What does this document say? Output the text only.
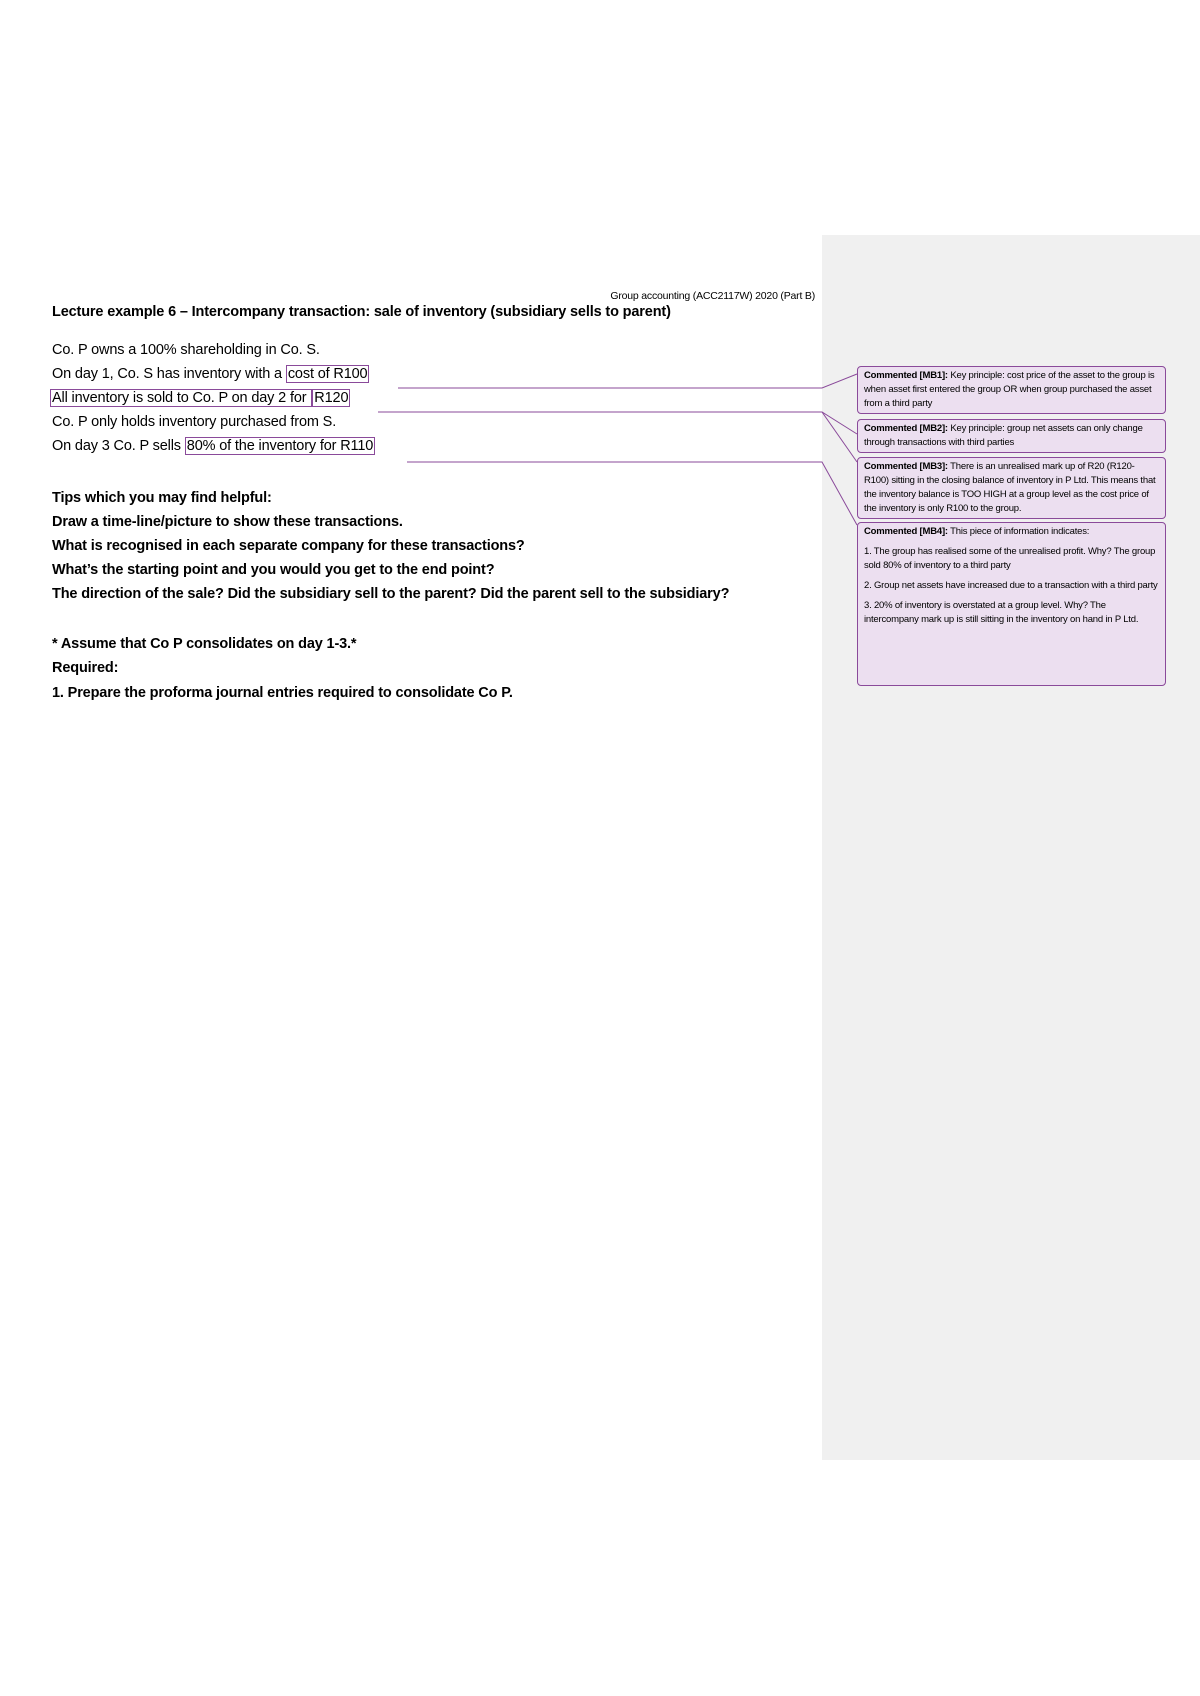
Group accounting (ACC2117W) 2020 (Part B)
Lecture example 6 – Intercompany transaction: sale of inventory (subsidiary sells to parent)
Co. P owns a 100% shareholding in Co. S.
On day 1, Co. S has inventory with a cost of R100
All inventory is sold to Co. P on day 2 for R120
Co. P only holds inventory purchased from S.
On day 3 Co. P sells 80% of the inventory for R110
Tips which you may find helpful:
Draw a time-line/picture to show these transactions.
What is recognised in each separate company for these transactions?
What’s the starting point and you would you get to the end point?
The direction of the sale? Did the subsidiary sell to the parent? Did the parent sell to the subsidiary?
* Assume that Co P consolidates on day 1-3.*
Required:
1. Prepare the proforma journal entries required to consolidate Co P.
Commented [MB1]: Key principle: cost price of the asset to the group is when asset first entered the group OR when group purchased the asset from a third party
Commented [MB2]: Key principle: group net assets can only change through transactions with third parties
Commented [MB3]: There is an unrealised mark up of R20 (R120-R100) sitting in the closing balance of inventory in P Ltd. This means that the inventory balance is TOO HIGH at a group level as the cost price of the inventory is only R100 to the group.

Commented [MB4]: This piece of information indicates:

1. The group has realised some of the unrealised profit. Why? The group sold 80% of inventory to a third party

2. Group net assets have increased due to a transaction with a third party

3. 20% of inventory is overstated at a group level. Why? The intercompany mark up is still sitting in the inventory on hand in P Ltd.
